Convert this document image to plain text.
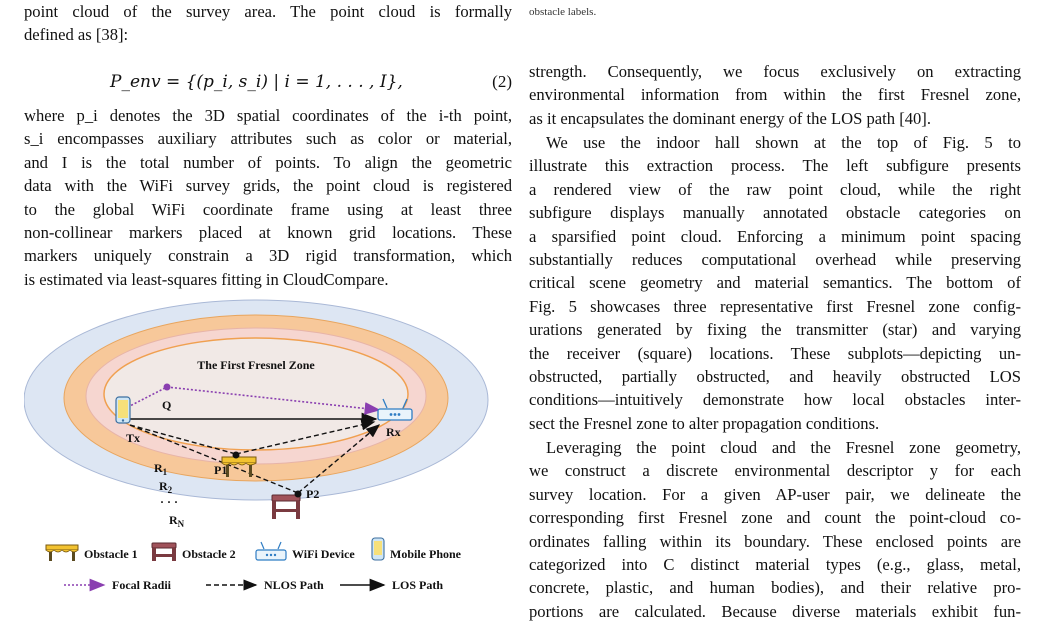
point cloud of the survey area. The point cloud is formally
defined as [38]:
P_env = {(p_i, s_i) | i = 1, . . . , I},	(2)
where p_i denotes the 3D spatial coordinates of the i-th point,
s_i encompasses auxiliary attributes such as color or material,
and I is the total number of points. To align the geometric
data with the WiFi survey grids, the point cloud is registered
to the global WiFi coordinate frame using at least three
non-collinear markers placed at known grid locations. These
markers uniquely constrain a 3D rigid transformation, which
is estimated via least-squares fitting in CloudCompare.
The First Fresnel Zone
Q
P1
P2
Tx	Rx
$R_1$
$R_2$
· · ·
$R_N$
Obstacle 1	Obstacle 2	WiFi Device	Mobile Phone
Focal Radii	NLOS Path	LOS Path
obstacle labels.
strength. Consequently, we focus exclusively on extracting
environmental information from within the first Fresnel zone,
as it encapsulates the dominant energy of the LOS path [40].
We use the indoor hall shown at the top of Fig. 5 to
illustrate this extraction process. The left subfigure presents
a rendered view of the raw point cloud, while the right
subfigure displays manually annotated obstacle categories on
a sparsified point cloud. Enforcing a minimum point spacing
substantially reduces computational overhead while preserving
critical scene geometry and material semantics. The bottom of
Fig. 5 showcases three representative first Fresnel zone config-
urations generated by fixing the transmitter (star) and varying
the receiver (square) locations. These subplots—depicting un-
obstructed, partially obstructed, and heavily obstructed LOS
conditions—intuitively demonstrate how local obstacles inter-
sect the Fresnel zone to alter propagation conditions.
Leveraging the point cloud and the Fresnel zone geometry,
we construct a discrete environmental descriptor y for each
survey location. For a given AP-user pair, we delineate the
corresponding first Fresnel zone and count the point-cloud co-
ordinates falling within its boundary. These enclosed points are
categorized into C distinct material types (e.g., glass, metal,
concrete, plastic, and human bodies), and their relative pro-
portions are calculated. Because diverse materials exhibit fun-
